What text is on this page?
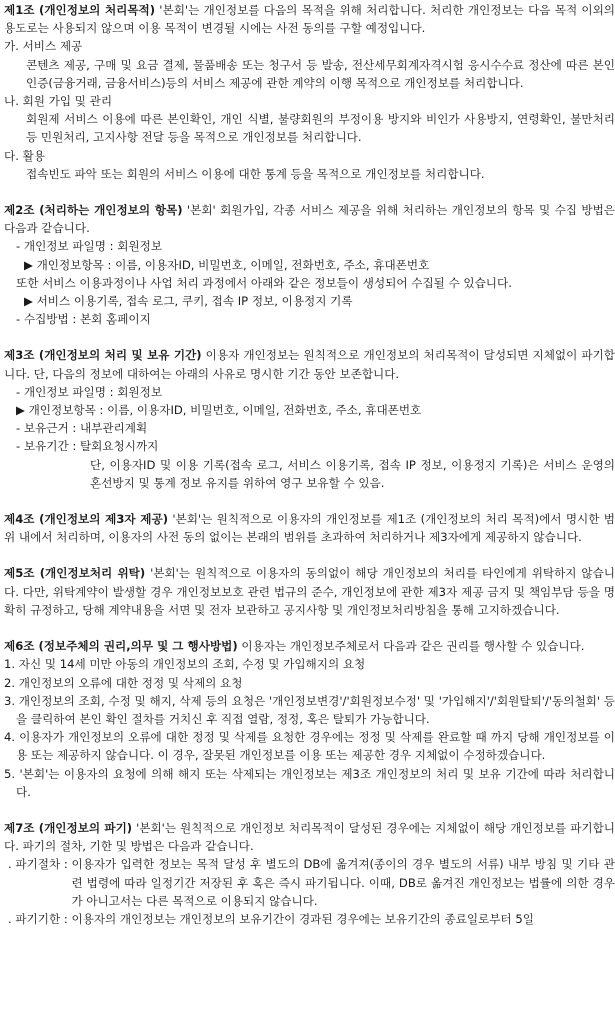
제1조 (개인정보의 처리목적) '본회'는 개인정보를 다음의 목적을 위해 처리합니다. 처리한 개인정보는 다음 목적 이외의 용도로는 사용되지 않으며 이용 목적이 변경될 시에는 사전 동의를 구할 예정입니다.

가. 서비스 제공

콘텐츠 제공, 구매 및 요금 결제, 물품배송 또는 청구서 등 발송, 전산세무회계자격시험 응시수수료 정산에 따른 본인인증(금융거래, 금융서비스)등의 서비스 제공에 관한 계약의 이행 목적으로 개인정보를 처리합니다.

나. 회원 가입 및 관리

회원제 서비스 이용에 따른 본인확인, 개인 식별, 불량회원의 부정이용 방지와 비인가 사용방지, 연령확인, 불만처리 등 민원처리, 고지사항 전달 등을 목적으로 개인정보를 처리합니다.

다. 활용

접속빈도 파악 또는 회원의 서비스 이용에 대한 통계 등을 목적으로 개인정보를 처리합니다.

제2조 (처리하는 개인정보의 항목) '본회' 회원가입, 각종 서비스 제공을 위해 처리하는 개인정보의 항목 및 수집 방법은 다음과 같습니다.

- 개인정보 파일명 : 회원정보

▶ 개인정보항목 : 이름, 이용자ID, 비밀번호, 이메일, 전화번호, 주소, 휴대폰번호

또한 서비스 이용과정이나 사업 처리 과정에서 아래와 같은 정보들이 생성되어 수집될 수 있습니다.

▶ 서비스 이용기록, 접속 로그, 쿠키, 접속 IP 정보, 이용정지 기록

- 수집방법 : 본회 홈페이지

제3조 (개인정보의 처리 및 보유 기간) 이용자 개인정보는 원칙적으로 개인정보의 처리목적이 달성되면 지체없이 파기합니다. 단, 다음의 정보에 대하여는 아래의 사유로 명시한 기간 동안 보존합니다.

- 개인정보 파일명 : 회원정보

▶ 개인정보항목 : 이름, 이용자ID, 비밀번호, 이메일, 전화번호, 주소, 휴대폰번호

- 보유근거 : 내부관리계획

- 보유기간 : 탈회요청시까지

단, 이용자ID 및 이용 기록(접속 로그, 서비스 이용기록, 접속 IP 정보, 이용정지 기록)은 서비스 운영의 혼선방지 및 통계 정보 유지를 위하여 영구 보유할 수 있음.

제4조 (개인정보의 제3자 제공) '본회'는 원칙적으로 이용자의 개인정보를 제1조 (개인정보의 처리 목적)에서 명시한 범위 내에서 처리하며, 이용자의 사전 동의 없이는 본래의 범위를 초과하여 처리하거나 제3자에게 제공하지 않습니다.

제5조 (개인정보처리 위탁) '본회'는 원칙적으로 이용자의 동의없이 해당 개인정보의 처리를 타인에게 위탁하지 않습니다. 다만, 위탁계약이 발생할 경우 개인정보보호 관련 법규의 준수, 개인정보에 관한 제3자 제공 금지 및 책임부담 등을 명확히 규정하고, 당해 계약내용을 서면 및 전자 보관하고 공지사항 및 개인정보처리방침을 통해 고지하겠습니다.

제6조 (정보주체의 권리,의무 및 그 행사방법) 이용자는 개인정보주체로서 다음과 같은 권리를 행사할 수 있습니다.

1. 자신 및 14세 미만 아동의 개인정보의 조회, 수정 및 가입해지의 요청

2. 개인정보의 오류에 대한 정정 및 삭제의 요청

3. 개인정보의 조회, 수정 및 해지, 삭제 등의 요청은 '개인정보변경'/'회원정보수정' 및 '가입해지'/'회원탈퇴'/'동의철회' 등을 클릭하여 본인 확인 절차를 거치신 후 직접 열람, 정정, 혹은 탈퇴가 가능합니다.

4. 이용자가 개인정보의 오류에 대한 정정 및 삭제를 요청한 경우에는 정정 및 삭제를 완료할 때 까지 당해 개인정보를 이용 또는 제공하지 않습니다. 이 경우, 잘못된 개인정보를 이용 또는 제공한 경우 지체없이 수정하겠습니다.

5. '본회'는 이용자의 요청에 의해 해지 또는 삭제되는 개인정보는 제3조 개인정보의 처리 및 보유 기간에 따라 처리합니다.

제7조 (개인정보의 파기) '본회'는 원칙적으로 개인정보 처리목적이 달성된 경우에는 지체없이 해당 개인정보를 파기합니다. 파기의 절차, 기한 및 방법은 다음과 같습니다.

. 파기절차 : 이용자가 입력한 정보는 목적 달성 후 별도의 DB에 옮겨져(종이의 경우 별도의 서류) 내부 방침 및 기타 관련 법령에 따라 일정기간 저장된 후 혹은 즉시 파기됩니다. 이때, DB로 옮겨진 개인정보는 법률에 의한 경우가 아니고서는 다른 목적으로 이용되지 않습니다.
. 파기기한 : 이용자의 개인정보는 개인정보의 보유기간이 경과된 경우에는 보유기간의 종료일로부터 5일
